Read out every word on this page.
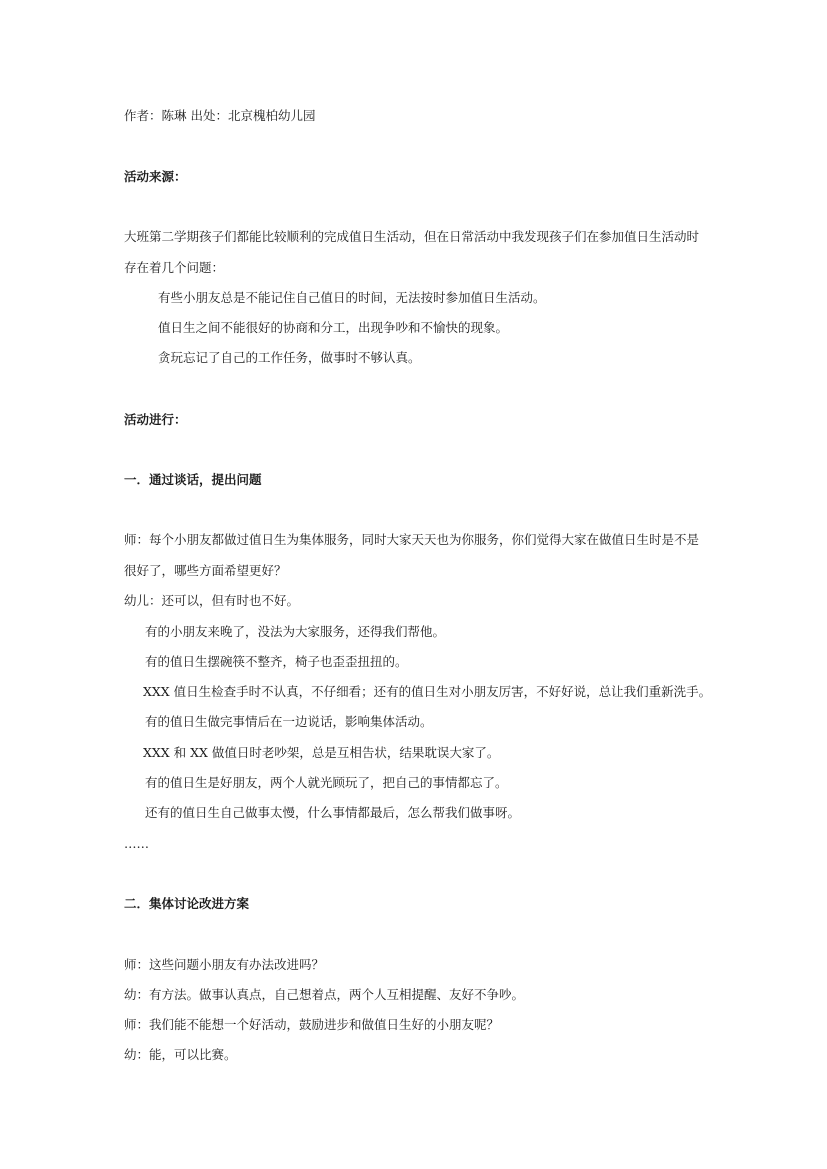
作者：陈琳 出处：北京槐柏幼儿园
活动来源：
大班第二学期孩子们都能比较顺利的完成值日生活动，但在日常活动中我发现孩子们在参加值日生活动时
存在着几个问题：
有些小朋友总是不能记住自己值日的时间，无法按时参加值日生活动。
值日生之间不能很好的协商和分工，出现争吵和不愉快的现象。
贪玩忘记了自己的工作任务，做事时不够认真。
活动进行：
一．通过谈话，提出问题
师：每个小朋友都做过值日生为集体服务，同时大家天天也为你服务，你们觉得大家在做值日生时是不是
很好了，哪些方面希望更好？
幼儿：还可以，但有时也不好。
有的小朋友来晚了，没法为大家服务，还得我们帮他。
有的值日生摆碗筷不整齐，椅子也歪歪扭扭的。
XXX 值日生检查手时不认真，不仔细看；还有的值日生对小朋友厉害，不好好说，总让我们重新洗手。
有的值日生做完事情后在一边说话，影响集体活动。
XXX 和 XX 做值日时老吵架，总是互相告状，结果耽误大家了。
有的值日生是好朋友，两个人就光顾玩了，把自己的事情都忘了。
还有的值日生自己做事太慢，什么事情都最后，怎么帮我们做事呀。
……
二．集体讨论改进方案
师：这些问题小朋友有办法改进吗？
幼：有方法。做事认真点，自己想着点，两个人互相提醒、友好不争吵。
师：我们能不能想一个好活动，鼓励进步和做值日生好的小朋友呢？
幼：能，可以比赛。
